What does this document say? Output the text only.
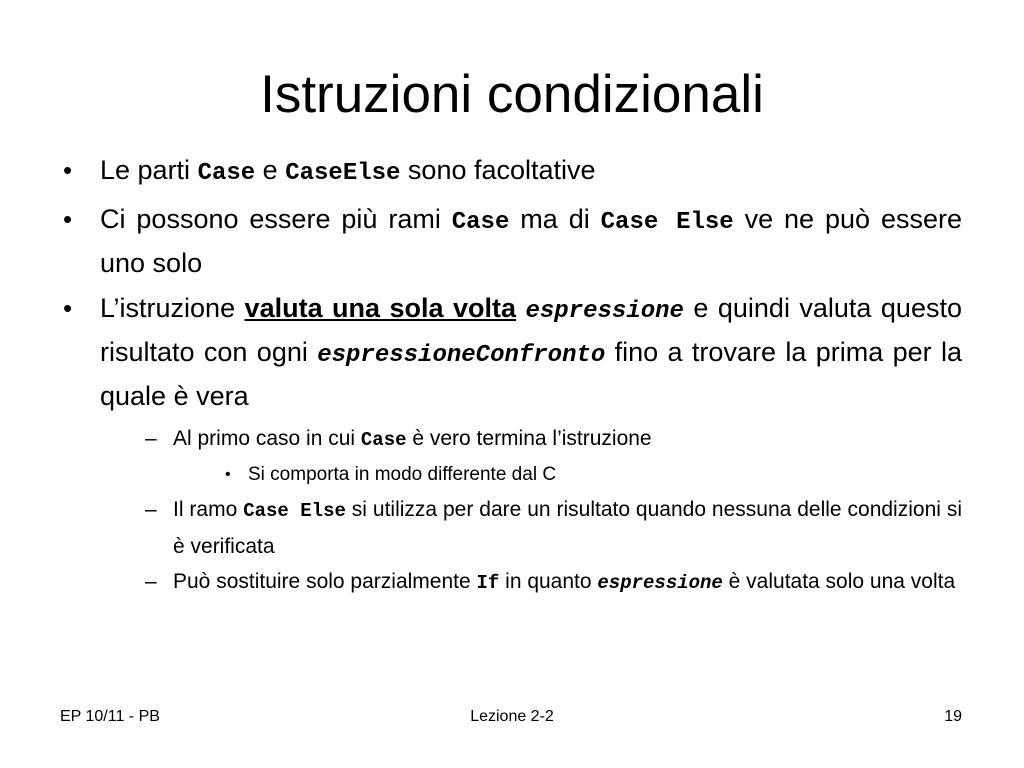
Istruzioni condizionali
• Le parti Case e CaseElse sono facoltative
• Ci possono essere più rami Case ma di Case Else ve ne può essere uno solo
• L’istruzione valuta una sola volta espressione e quindi valuta questo risultato con ogni espressioneConfronto fino a trovare la prima per la quale è vera
– Al primo caso in cui Case è vero termina l’istruzione
• Si comporta in modo differente dal C
– Il ramo Case Else si utilizza per dare un risultato quando nessuna delle condizioni si è verificata
– Può sostituire solo parzialmente If in quanto espressione è valutata solo una volta
EP 10/11 - PB	Lezione 2-2	19
